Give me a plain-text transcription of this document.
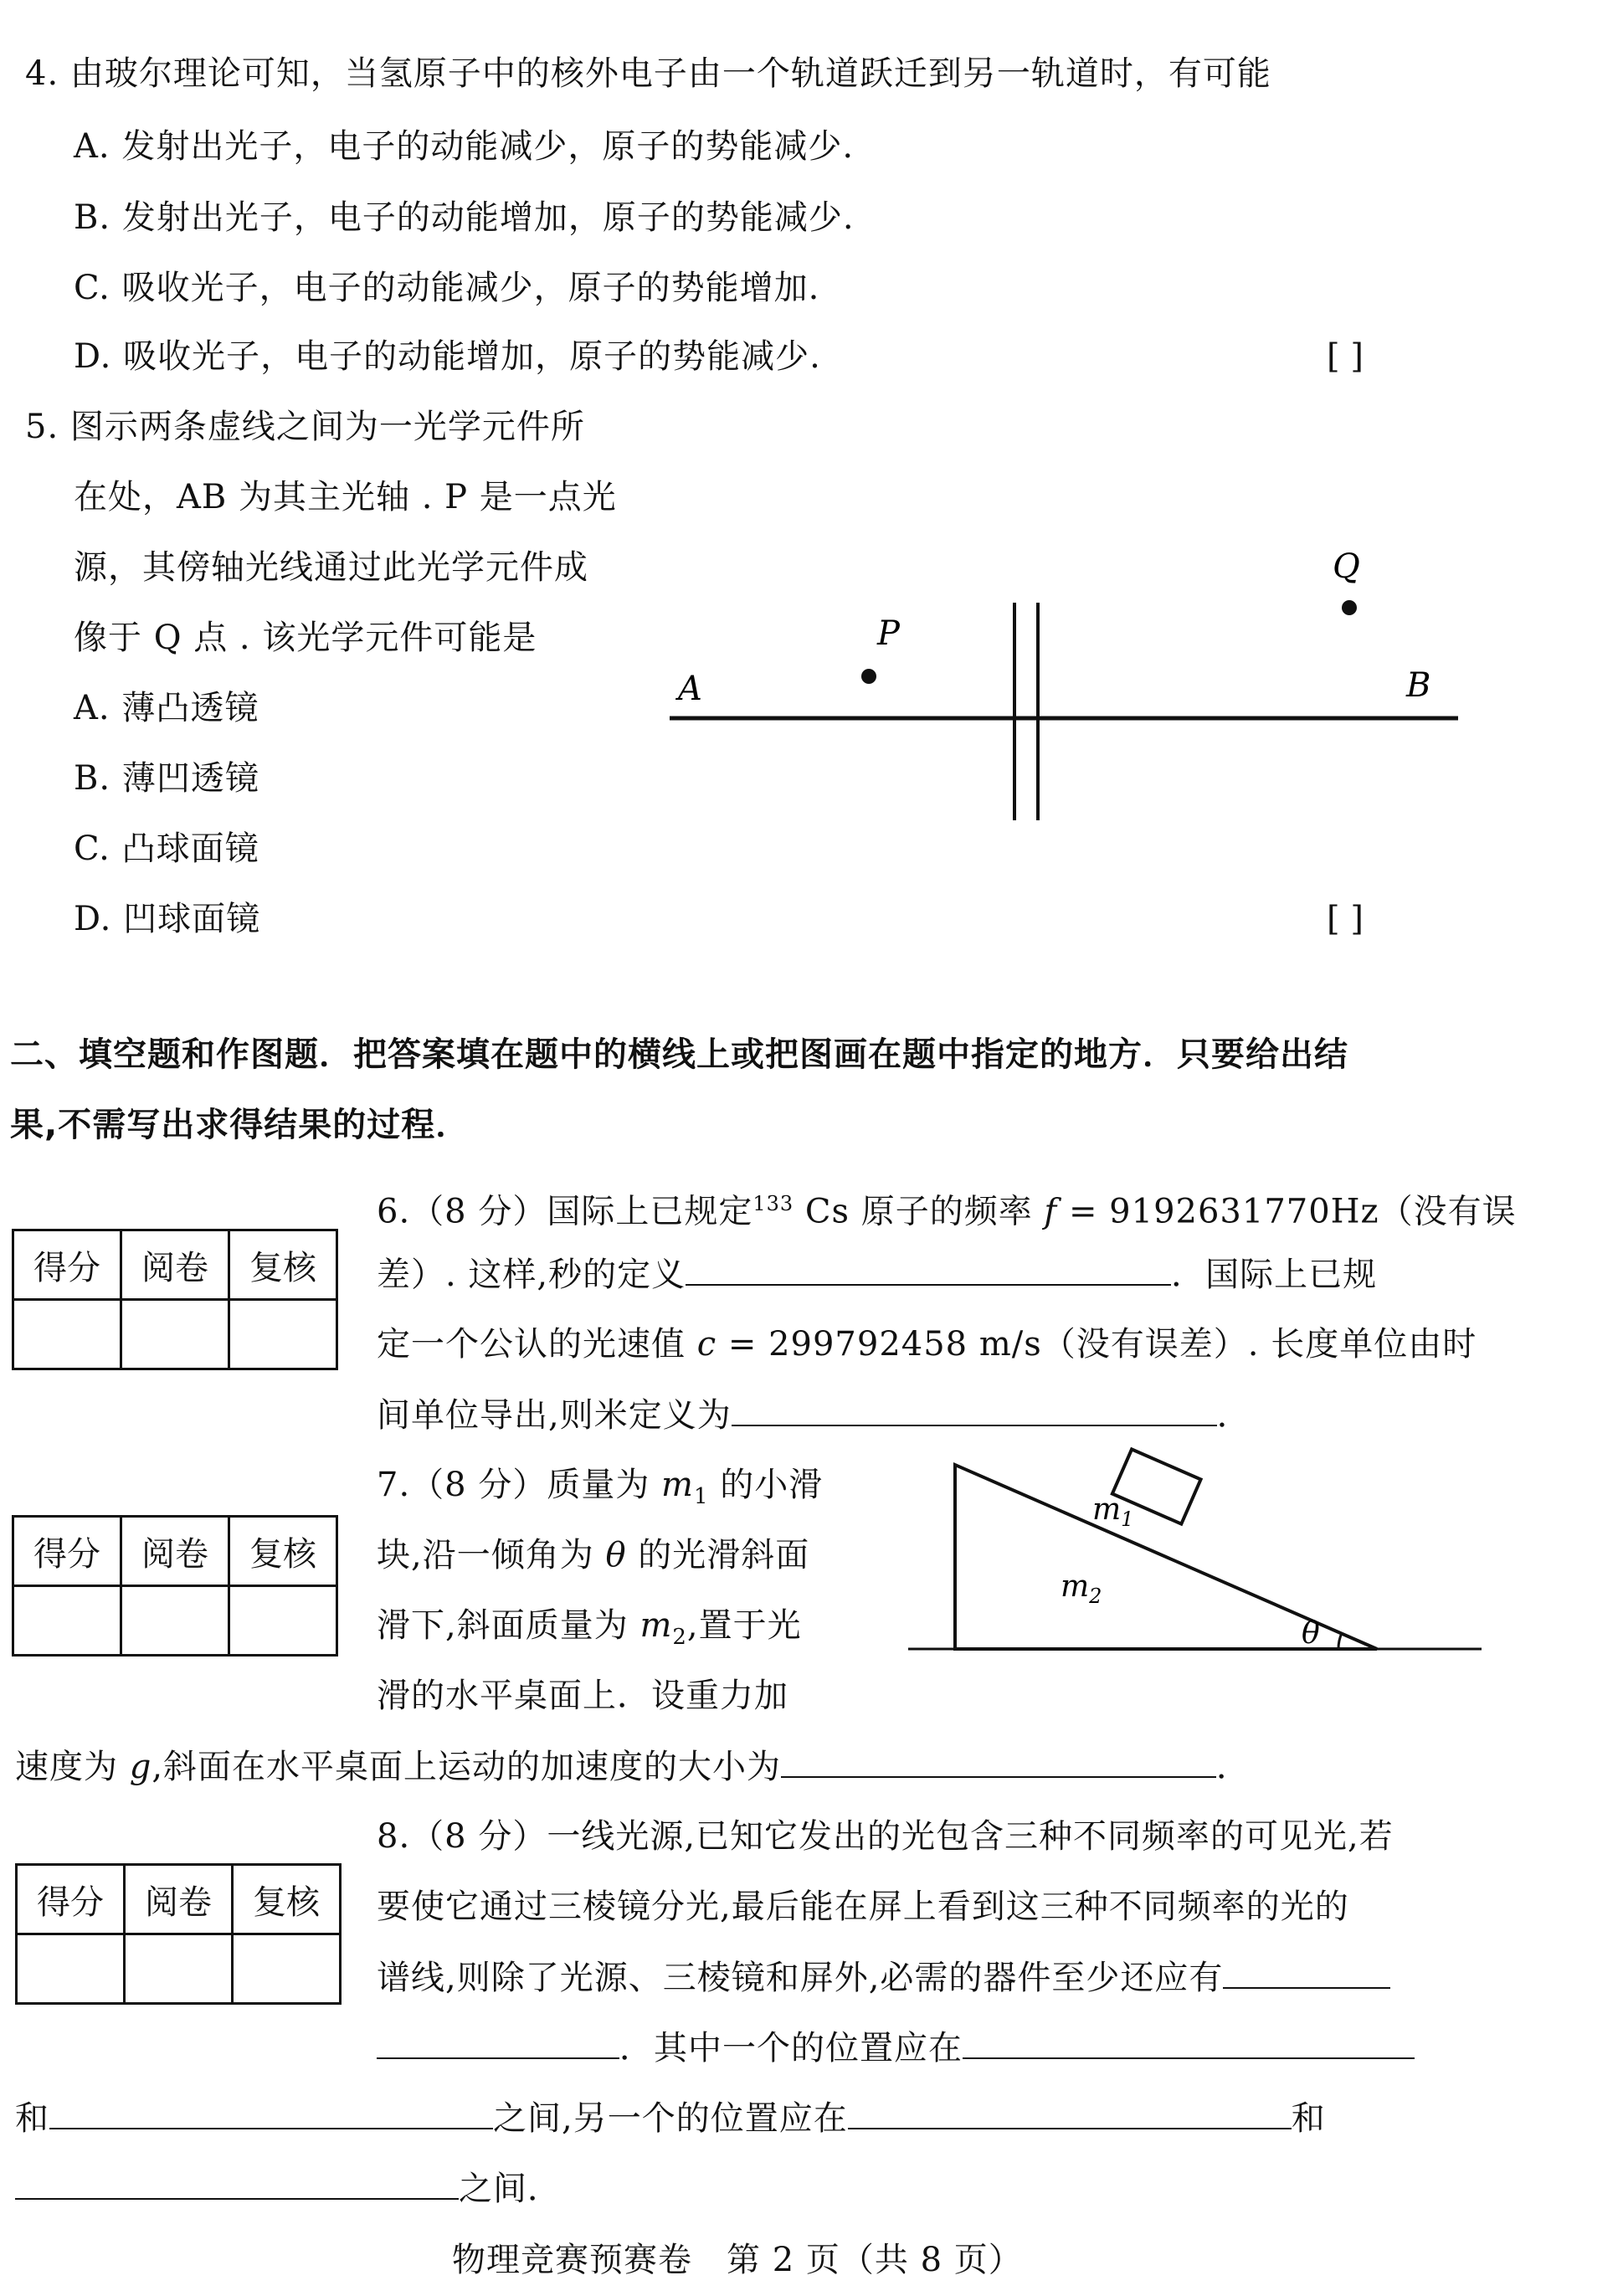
4. 由玻尔理论可知，当氢原子中的核外电子由一个轨道跃迁到另一轨道时，有可能
A. 发射出光子，电子的动能减少，原子的势能减少.
B. 发射出光子，电子的动能增加，原子的势能减少.
C. 吸收光子，电子的动能减少，原子的势能增加.
D. 吸收光子，电子的动能增加，原子的势能减少.	[ ]
5. 图示两条虚线之间为一光学元件所
在处，AB 为其主光轴 . P 是一点光
源，其傍轴光线通过此光学元件成
像于 Q 点 . 该光学元件可能是
A. 薄凸透镜
B. 薄凹透镜
C. 凸球面镜
D. 凹球面镜	[ ]
A	B
P
Q
二、填空题和作图题．把答案填在题中的横线上或把图画在题中指定的地方．只要给出结
果,不需写出求得结果的过程．
得分	阅卷	复核

6.（8 分）国际上已规定$^{133}$ Cs 原子的频率 f = 9192631770Hz（没有误
差）. 这样,秒的定义	．国际上已规
定一个公认的光速值 c = 299792458 m/s（没有误差）. 长度单位由时
间单位导出,则米定义为	．
得分	阅卷	复核

7.（8 分）质量为 $m_1$ 的小滑
块,沿一倾角为 θ 的光滑斜面
滑下,斜面质量为 $m_2$,置于光
滑的水平桌面上．设重力加
速度为 g,斜面在水平桌面上运动的加速度的大小为	．
$m_1$
$m_2$
θ
得分	阅卷	复核

8.（8 分）一线光源,已知它发出的光包含三种不同频率的可见光,若
要使它通过三棱镜分光,最后能在屏上看到这三种不同频率的光的
谱线,则除了光源、三棱镜和屏外,必需的器件至少还应有
．其中一个的位置应在
和	之间,另一个的位置应在	和
之间．
物理竞赛预赛卷　第 2 页（共 8 页）
